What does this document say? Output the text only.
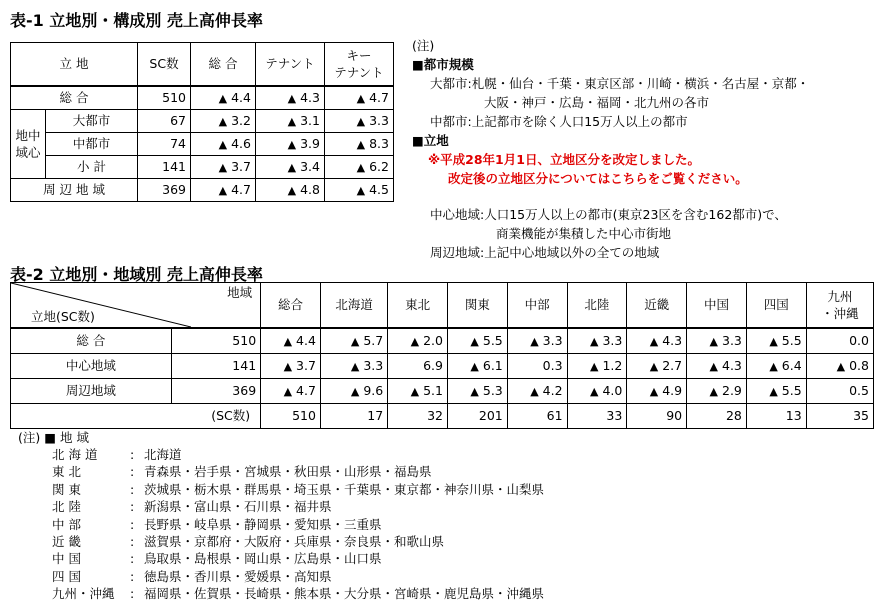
表-1 立地別・構成別 売上高伸長率
立 地		SC数	総 合	テナント	キー
テナント
総 合		510	▲ 4.4	▲ 4.3	▲ 4.7

地
域
中
心	大都市	67	▲ 3.2	▲ 3.1	▲ 3.3
	中都市	74	▲ 4.6	▲ 3.9	▲ 8.3
	小 計	141	▲ 3.7	▲ 3.4	▲ 6.2
周 辺 地 域		369	▲ 4.7	▲ 4.8	▲ 4.5
(注)
■都市規模
大都市:札幌・仙台・千葉・東京区部・川崎・横浜・名古屋・京都・
大阪・神戸・広島・福岡・北九州の各市
中都市:上記都市を除く人口15万人以上の都市
■立地
※平成28年1月1日、立地区分を改定しました。
改定後の立地区分についてはこちらをご覧ください。
中心地域:人口15万人以上の都市(東京23区を含む162都市)で、
商業機能が集積した中心市街地
周辺地域:上記中心地域以外の全ての地域
表-2 立地別・地域別 売上高伸長率
地域
立地(SC数)		総合	北海道	東北	関東	中部	北陸	近畿	中国	四国	九州
・沖縄
総 合	510	▲ 4.4	▲ 5.7	▲ 2.0	▲ 5.5	▲ 3.3	▲ 3.3	▲ 4.3	▲ 3.3	▲ 5.5	0.0
中心地域	141	▲ 3.7	▲ 3.3	6.9	▲ 6.1	0.3	▲ 1.2	▲ 2.7	▲ 4.3	▲ 6.4	▲ 0.8
周辺地域	369	▲ 4.7	▲ 9.6	▲ 5.1	▲ 5.3	▲ 4.2	▲ 4.0	▲ 4.9	▲ 2.9	▲ 5.5	0.5
(SC数)		510	17	32	201	61	33	90	28	13	35
(注) ■ 地 域
北 海 道	:	北海道
東 北	:	青森県・岩手県・宮城県・秋田県・山形県・福島県
関 東	:	茨城県・栃木県・群馬県・埼玉県・千葉県・東京都・神奈川県・山梨県
北 陸	:	新潟県・富山県・石川県・福井県
中 部	:	長野県・岐阜県・静岡県・愛知県・三重県
近 畿	:	滋賀県・京都府・大阪府・兵庫県・奈良県・和歌山県
中 国	:	鳥取県・島根県・岡山県・広島県・山口県
四 国	:	徳島県・香川県・愛媛県・高知県
九州・沖縄	:	福岡県・佐賀県・長崎県・熊本県・大分県・宮崎県・鹿児島県・沖縄県
